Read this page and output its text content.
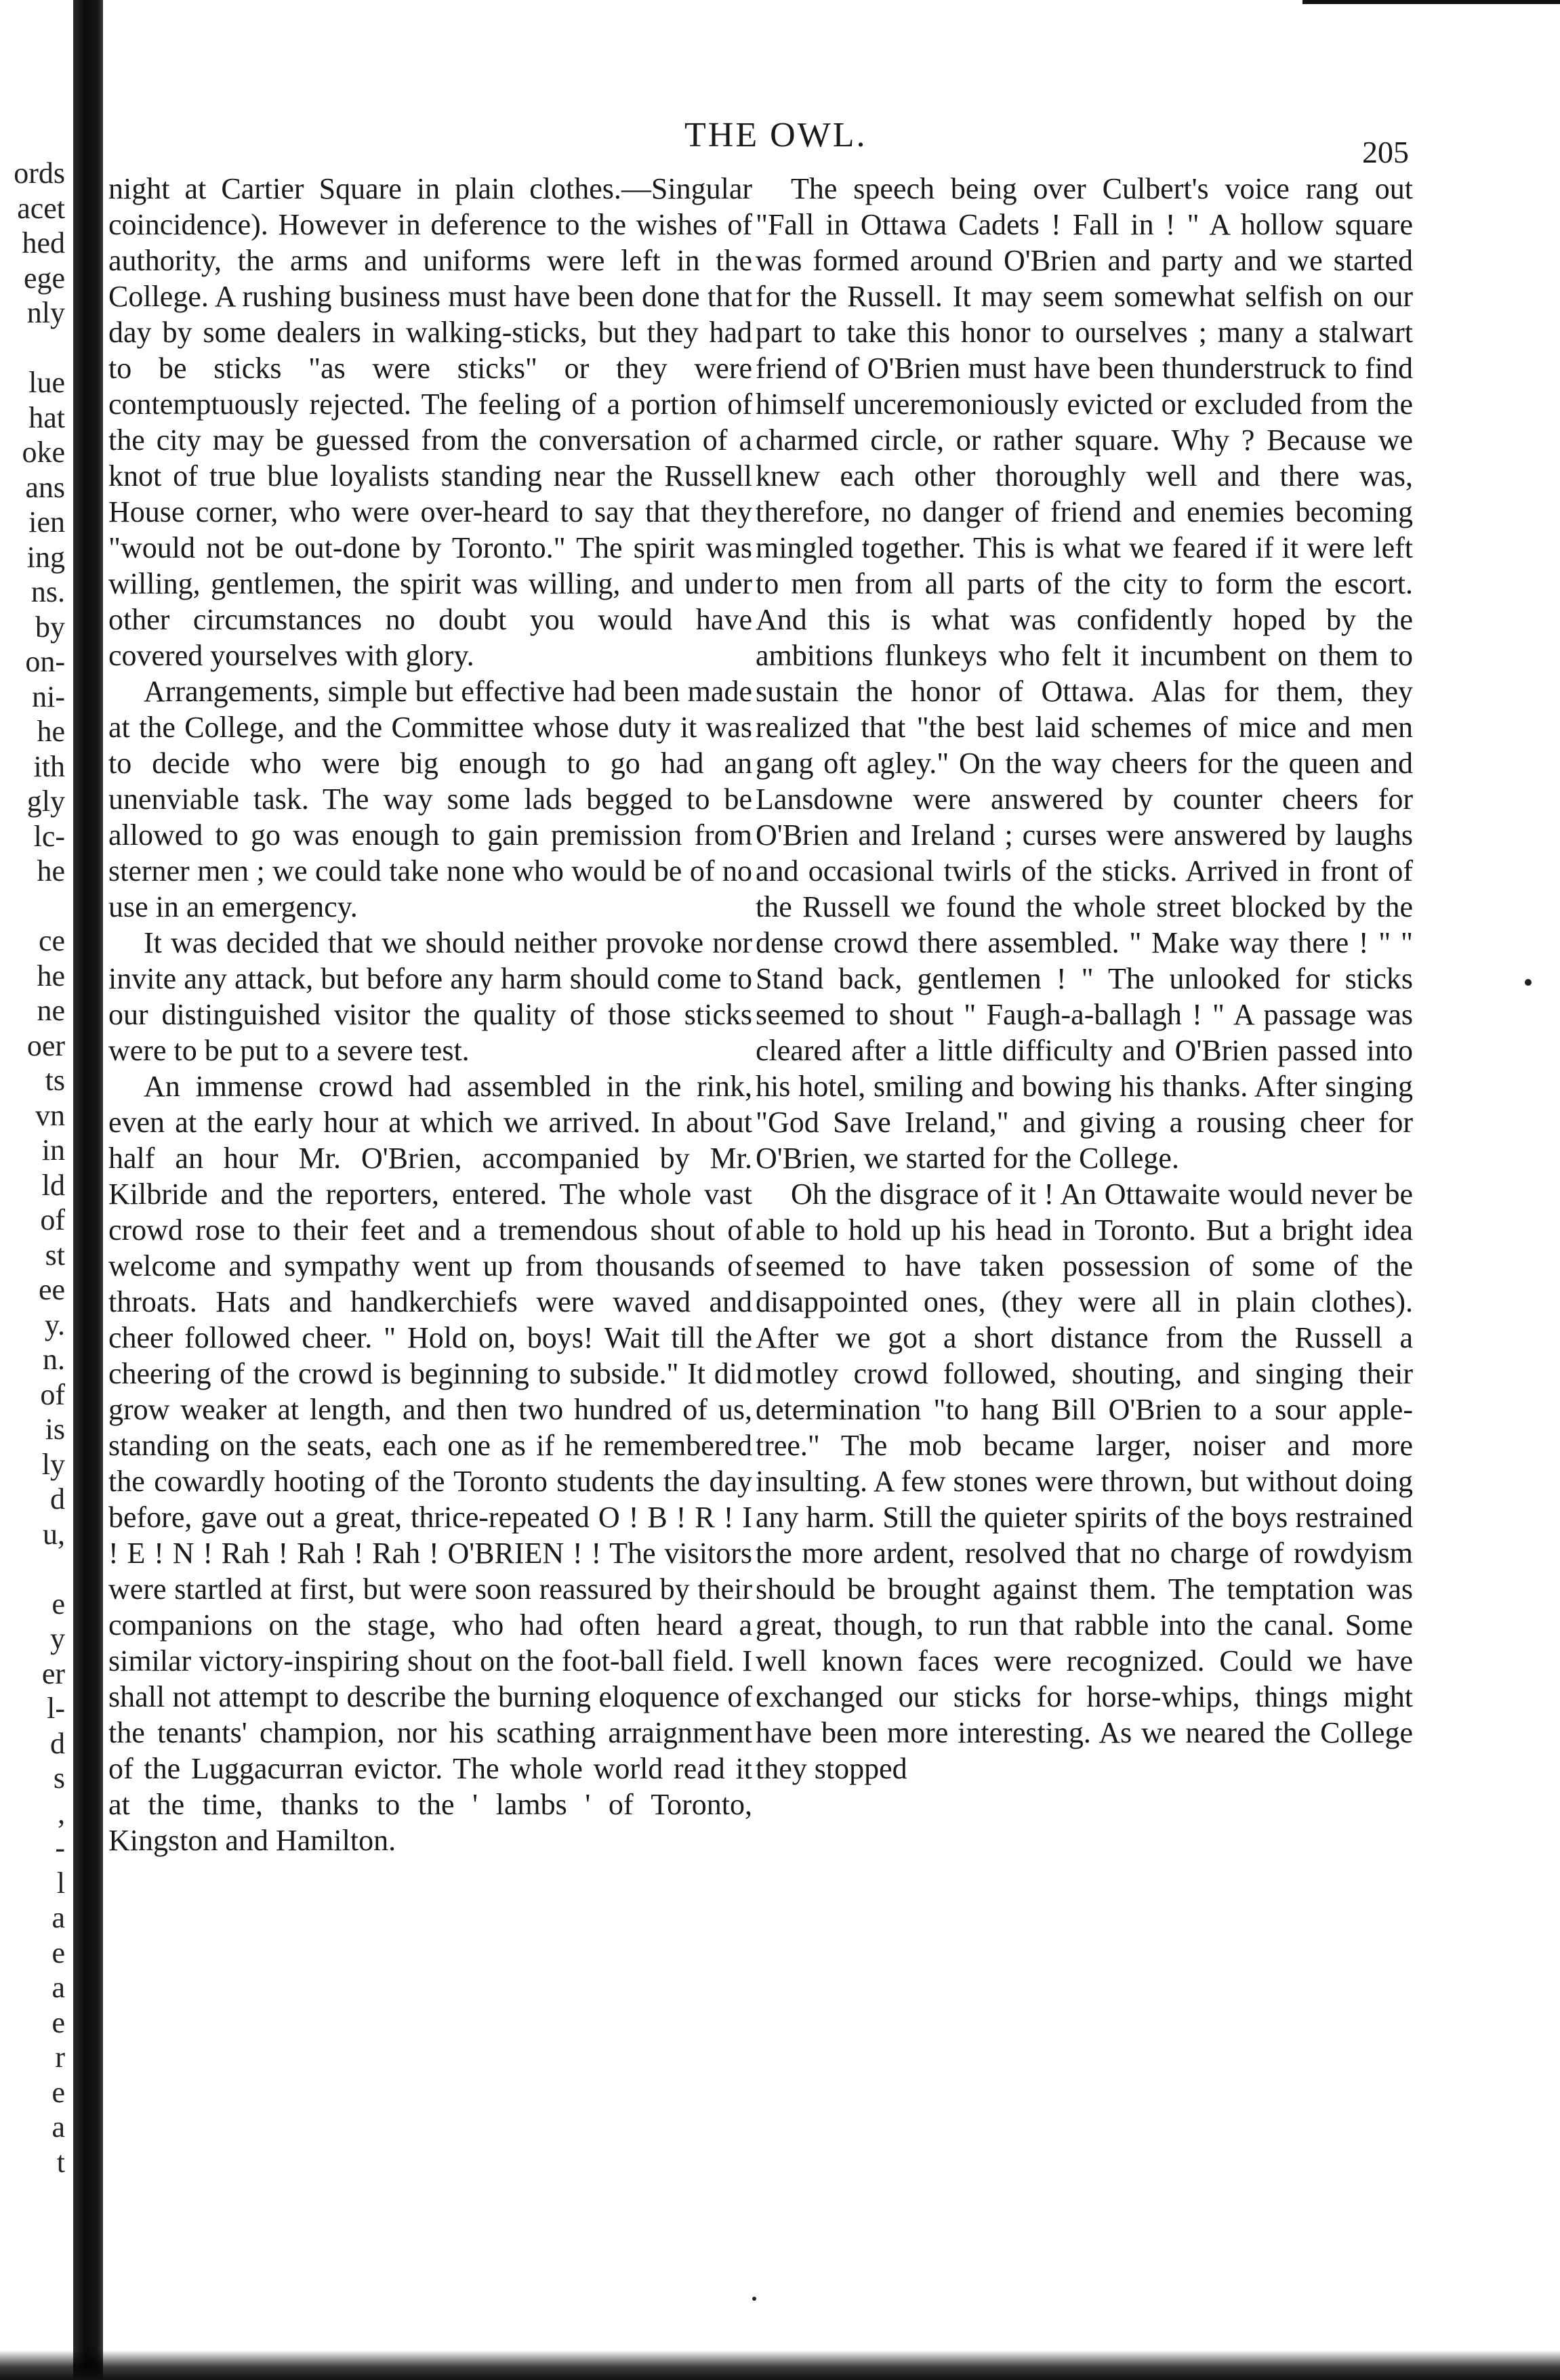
ords
acet
hed
ege
nly
lue
hat
oke
ans
ien
ing
ns.
by
on-
ni-
he
ith
gly
lc-
he
ce
he
ne
oer
ts
vn
in
ld
of
st
ee
y.
n.
of
is
ly
d
u,
e
y
er
l-
d
s
,
-
l
a
e
a
e
r
e
a
t
THE OWL.	205

night at Cartier Square in plain clothes.—Singular coincidence). However in deference to the wishes of authority, the arms and uniforms were left in the College. A rushing business must have been done that day by some dealers in walking-sticks, but they had to be sticks "as were sticks" or they were contemptuously rejected. The feeling of a portion of the city may be guessed from the conversation of a knot of true blue loyalists standing near the Russell House corner, who were over-heard to say that they "would not be out-done by Toronto." The spirit was willing, gentlemen, the spirit was willing, and under other circumstances no doubt you would have covered yourselves with glory.

Arrangements, simple but effective had been made at the College, and the Committee whose duty it was to decide who were big enough to go had an unenviable task. The way some lads begged to be allowed to go was enough to gain premission from sterner men ; we could take none who would be of no use in an emergency.

It was decided that we should neither provoke nor invite any attack, but before any harm should come to our distinguished visitor the quality of those sticks were to be put to a severe test.

An immense crowd had assembled in the rink, even at the early hour at which we arrived. In about half an hour Mr. O'Brien, accompanied by Mr. Kilbride and the reporters, entered. The whole vast crowd rose to their feet and a tremendous shout of welcome and sympathy went up from thousands of throats. Hats and handkerchiefs were waved and cheer followed cheer. " Hold on, boys! Wait till the cheering of the crowd is beginning to subside." It did grow weaker at length, and then two hundred of us, standing on the seats, each one as if he remembered the cowardly hooting of the Toronto students the day before, gave out a great, thrice-repeated O ! B ! R ! I ! E ! N ! Rah ! Rah ! Rah ! O'BRIEN ! ! The visitors were startled at first, but were soon reassured by their companions on the stage, who had often heard a similar victory-inspiring shout on the foot-ball field. I shall not attempt to describe the burning eloquence of the tenants' champion, nor his scathing arraignment of the Luggacurran evictor. The whole world read it at the time, thanks to the ' lambs ' of Toronto, Kingston and Hamilton.

The speech being over Culbert's voice rang out "Fall in Ottawa Cadets ! Fall in ! " A hollow square was formed around O'Brien and party and we started for the Russell. It may seem somewhat selfish on our part to take this honor to ourselves ; many a stalwart friend of O'Brien must have been thunderstruck to find himself unceremoniously evicted or excluded from the charmed circle, or rather square. Why ? Because we knew each other thoroughly well and there was, therefore, no danger of friend and enemies becoming mingled together. This is what we feared if it were left to men from all parts of the city to form the escort. And this is what was confidently hoped by the ambitions flunkeys who felt it incumbent on them to sustain the honor of Ottawa. Alas for them, they realized that "the best laid schemes of mice and men gang oft agley." On the way cheers for the queen and Lansdowne were answered by counter cheers for O'Brien and Ireland ; curses were answered by laughs and occasional twirls of the sticks. Arrived in front of the Russell we found the whole street blocked by the dense crowd there assembled. " Make way there ! " " Stand back, gentlemen ! " The unlooked for sticks seemed to shout " Faugh-a-ballagh ! " A passage was cleared after a little difficulty and O'Brien passed into his hotel, smiling and bowing his thanks. After singing "God Save Ireland," and giving a rousing cheer for O'Brien, we started for the College.

Oh the disgrace of it ! An Ottawaite would never be able to hold up his head in Toronto. But a bright idea seemed to have taken possession of some of the disappointed ones, (they were all in plain clothes). After we got a short distance from the Russell a motley crowd followed, shouting, and singing their determination "to hang Bill O'Brien to a sour apple-tree." The mob became larger, noiser and more insulting. A few stones were thrown, but without doing any harm. Still the quieter spirits of the boys restrained the more ardent, resolved that no charge of rowdyism should be brought against them. The temptation was great, though, to run that rabble into the canal. Some well known faces were recognized. Could we have exchanged our sticks for horse-whips, things might have been more interesting. As we neared the College they stopped
